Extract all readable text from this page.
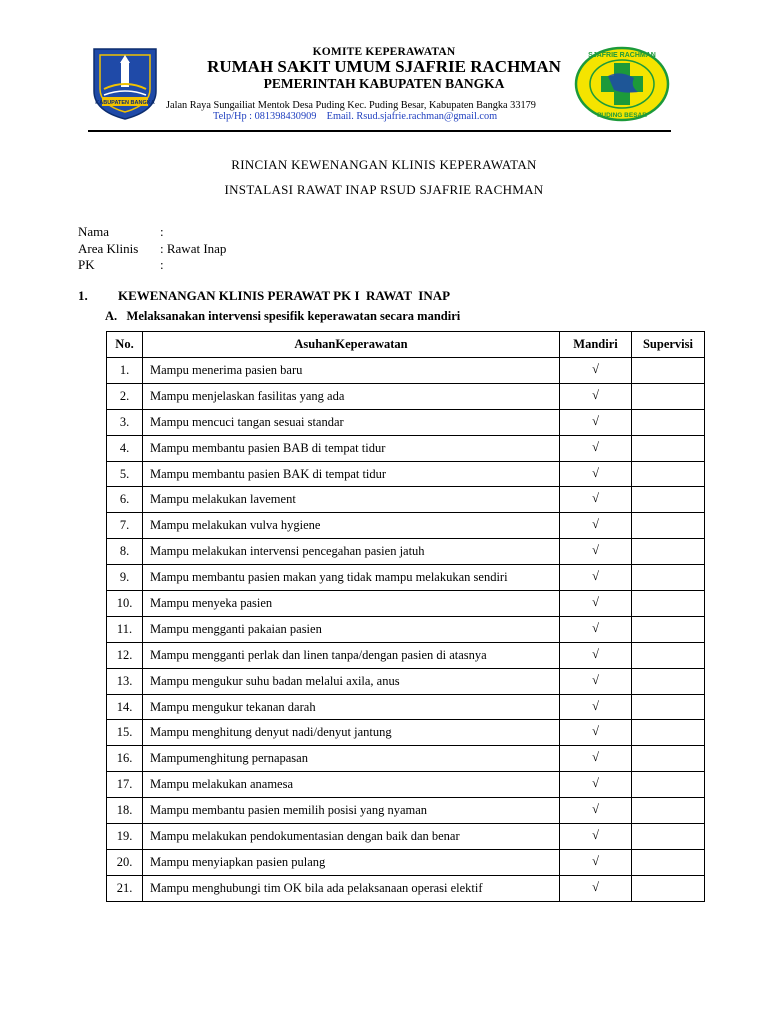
KABUPATEN BANGKA
SJAFRIE RACHMAN
PUDING BESAR
KOMITE KEPERAWATAN
RUMAH SAKIT UMUM SJAFRIE RACHMAN
PEMERINTAH KABUPATEN BANGKA
Jalan Raya Sungailiat Mentok Desa Puding Kec. Puding Besar, Kabupaten Bangka 33179
Telp/Hp : 081398430909    Email. Rsud.sjafrie.rachman@gmail.com
RINCIAN KEWENANGAN KLINIS KEPERAWATAN
INSTALASI RAWAT INAP RSUD SJAFRIE RACHMAN
Nama	:
Area Klinis : Rawat Inap
PK	:
1. KEWENANGAN KLINIS PERAWAT PK I  RAWAT  INAP
A.   Melaksanakan intervensi spesifik keperawatan secara mandiri
No.	AsuhanKeperawatan	Mandiri	Supervisi
1.	Mampu menerima pasien baru	√	
2.	Mampu menjelaskan fasilitas yang ada	√	
3.	Mampu mencuci tangan sesuai standar	√	
4.	Mampu membantu pasien BAB di tempat tidur	√	
5.	Mampu membantu pasien BAK di tempat tidur	√	
6.	Mampu melakukan lavement	√	
7.	Mampu melakukan vulva hygiene	√	
8.	Mampu melakukan intervensi pencegahan pasien jatuh	√	
9.	Mampu membantu pasien makan yang tidak mampu melakukan sendiri	√	
10.	Mampu menyeka pasien	√	
11.	Mampu mengganti pakaian pasien	√	
12.	Mampu mengganti perlak dan linen tanpa/dengan pasien di atasnya	√	
13.	Mampu mengukur suhu badan melalui axila, anus	√	
14.	Mampu mengukur tekanan darah	√	
15.	Mampu menghitung denyut nadi/denyut jantung	√	
16.	Mampumenghitung pernapasan	√	
17.	Mampu melakukan anamesa	√	
18.	Mampu membantu pasien memilih posisi yang nyaman	√	
19.	Mampu melakukan pendokumentasian dengan baik dan benar	√	
20.	Mampu menyiapkan pasien pulang	√	
21.	Mampu menghubungi tim OK bila ada pelaksanaan operasi elektif	√	
